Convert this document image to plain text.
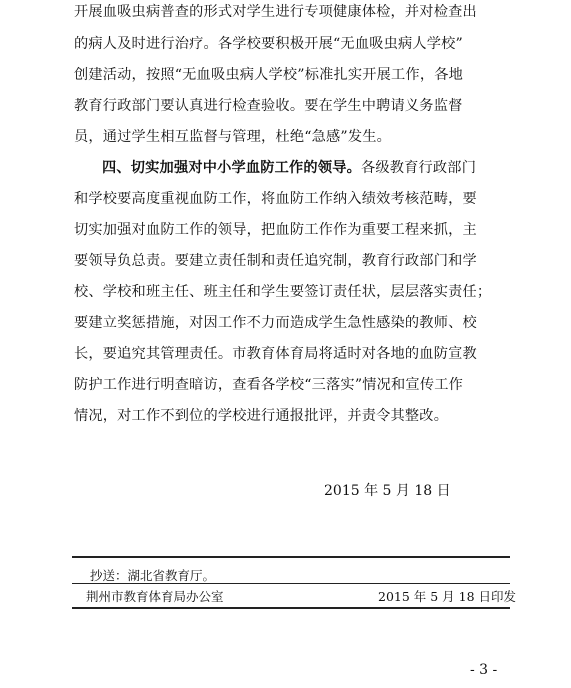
开展血吸虫病普查的形式对学生进行专项健康体检，并对检查出
的病人及时进行治疗。各学校要积极开展“无血吸虫病人学校”
创建活动，按照“无血吸虫病人学校”标准扎实开展工作，各地
教育行政部门要认真进行检查验收。要在学生中聘请义务监督
员，通过学生相互监督与管理，杜绝“急感”发生。
四、切实加强对中小学血防工作的领导。各级教育行政部门
和学校要高度重视血防工作，将血防工作纳入绩效考核范畴，要
切实加强对血防工作的领导，把血防工作作为重要工程来抓，主
要领导负总责。要建立责任制和责任追究制，教育行政部门和学
校、学校和班主任、班主任和学生要签订责任状，层层落实责任；
要建立奖惩措施，对因工作不力而造成学生急性感染的教师、校
长，要追究其管理责任。市教育体育局将适时对各地的血防宣教
防护工作进行明查暗访，查看各学校“三落实”情况和宣传工作
情况，对工作不到位的学校进行通报批评，并责令其整改。
2015 年 5 月 18 日
抄送：湖北省教育厅。
荆州市教育体育局办公室	2015 年 5 月 18 日印发
- 3 -
